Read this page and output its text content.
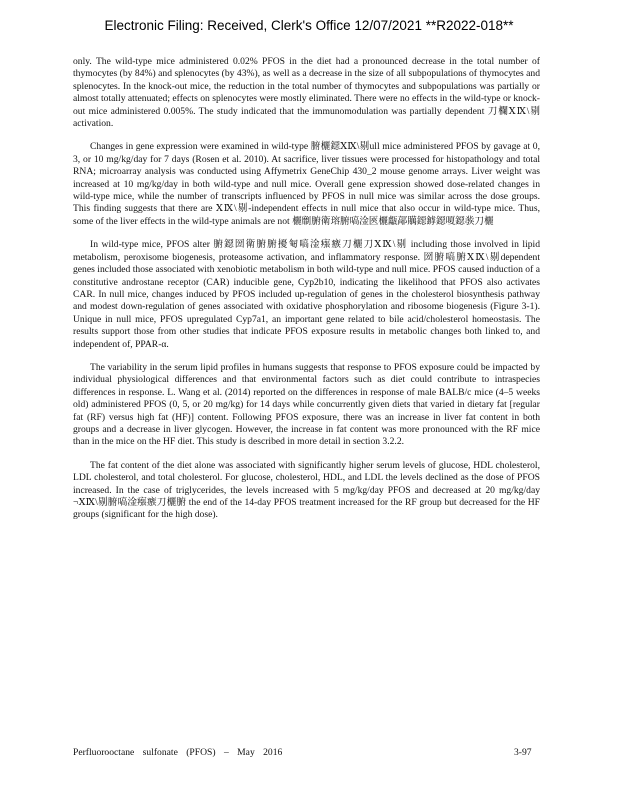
Electronic Filing: Received, Clerk's Office 12/07/2021 **R2022-018**

only. The wild-type mice administered 0.02% PFOS in the diet had a pronounced decrease in the total number of thymocytes (by 84%) and splenocytes (by 43%), as well as a decrease in the size of all subpopulations of thymocytes and splenocytes. In the knock-out mice, the reduction in the total number of thymocytes and subpopulations was partially or almost totally attenuated; effects on splenocytes were mostly eliminated. There were no effects in the wild-type or knock-out mice administered 0.005%. The study indicated that the immunomodulation was partially dependent 刀欄ⅩⅨ\剔activation.

Changes in gene expression were examined in wild-type 腑欐鐚ⅩⅨ\剔ull mice administered PFOS by gavage at 0, 3, or 10 mg/kg/day for 7 days (Rosen et al. 2010). At sacrifice, liver tissues were processed for histopathology and total RNA; microarray analysis was conducted using Affymetrix GeneChip 430_2 mouse genome arrays. Liver weight was increased at 10 mg/kg/day in both wild-type and null mice. Overall gene expression showed dose-related changes in wild-type mice, while the number of transcripts influenced by PFOS in null mice was similar across the dose groups. This finding suggests that there are ⅩⅨ\剔-independent effects in null mice that also occur in wild-type mice. Thus, some of the liver effects in the wild-type animals are not 欐劘腑衛瑢腑嗃淦匧欐甗鄗贎鐚鎼鐚嗄鐚彂刀欐

In wild-type mice, PFOS alter 腑鐚圀衛腑腑擾匎嗃淦瘬瘯刀欐刀ⅩⅨ\剔 including those involved in lipid metabolism, peroxisome biogenesis, proteasome activation, and inflammatory response. 圀腑嗃腑ⅩⅨ\剔dependent genes included those associated with xenobiotic metabolism in both wild-type and null mice. PFOS caused induction of a constitutive androstane receptor (CAR) inducible gene, Cyp2b10, indicating the likelihood that PFOS also activates CAR. In null mice, changes induced by PFOS included up-regulation of genes in the cholesterol biosynthesis pathway and modest down-regulation of genes associated with oxidative phosphorylation and ribosome biogenesis (Figure 3-1). Unique in null mice, PFOS upregulated Cyp7a1, an important gene related to bile acid/cholesterol homeostasis. The results support those from other studies that indicate PFOS exposure results in metabolic changes both linked to, and independent of, PPAR-α.

The variability in the serum lipid profiles in humans suggests that response to PFOS exposure could be impacted by individual physiological differences and that environmental factors such as diet could contribute to intraspecies differences in response. L. Wang et al. (2014) reported on the differences in response of male BALB/c mice (4–5 weeks old) administered PFOS (0, 5, or 20 mg/kg) for 14 days while concurrently given diets that varied in dietary fat [regular fat (RF) versus high fat (HF)] content. Following PFOS exposure, there was an increase in liver fat content in both groups and a decrease in liver glycogen. However, the increase in fat content was more pronounced with the RF mice than in the mice on the HF diet. This study is described in more detail in section 3.2.2.

The fat content of the diet alone was associated with significantly higher serum levels of glucose, HDL cholesterol, LDL cholesterol, and total cholesterol. For glucose, cholesterol, HDL, and LDL the levels declined as the dose of PFOS increased. In the case of triglycerides, the levels increased with 5 mg/kg/day PFOS and decreased at 20 mg/kg/day ¬ⅩⅨ\剔腑嗃淦瘬瘯刀欐腑 the end of the 14-day PFOS treatment increased for the RF group but decreased for the HF groups (significant for the high dose).

Perfluorooctane sulfonate (PFOS) – May 2016	3-97
